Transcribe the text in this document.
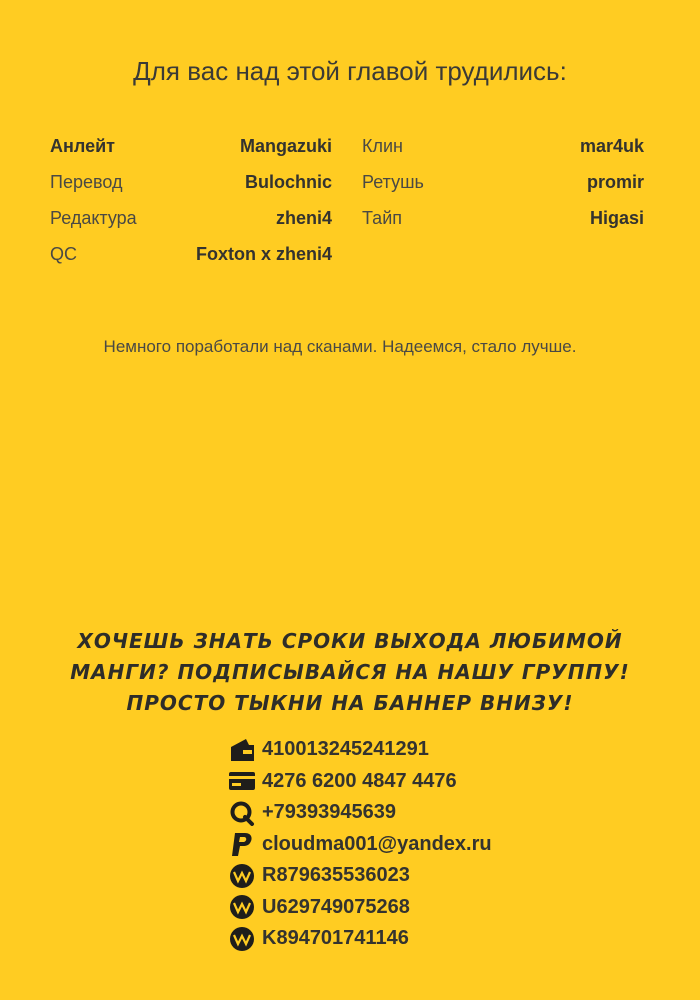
Для вас над этой главой трудились:
Анлейт	Mangazuki
Перевод	Bulochnic
Редактура	zheni4
QC	Foxton x zheni4
Клин	mar4uk
Ретушь	promir
Тайп	Higasi
Немного поработали над сканами. Надеемся, стало лучше.
ХОЧЕШЬ ЗНАТЬ СРОКИ ВЫХОДА ЛЮБИМОЙ
МАНГИ? ПОДПИСЫВАЙСЯ НА НАШУ ГРУППУ!
ПРОСТО ТЫКНИ НА БАННЕР ВНИЗУ!
410013245241291
4276 6200 4847 4476
+79393945639
cloudma001@yandex.ru
R879635536023
U629749075268
K894701741146
